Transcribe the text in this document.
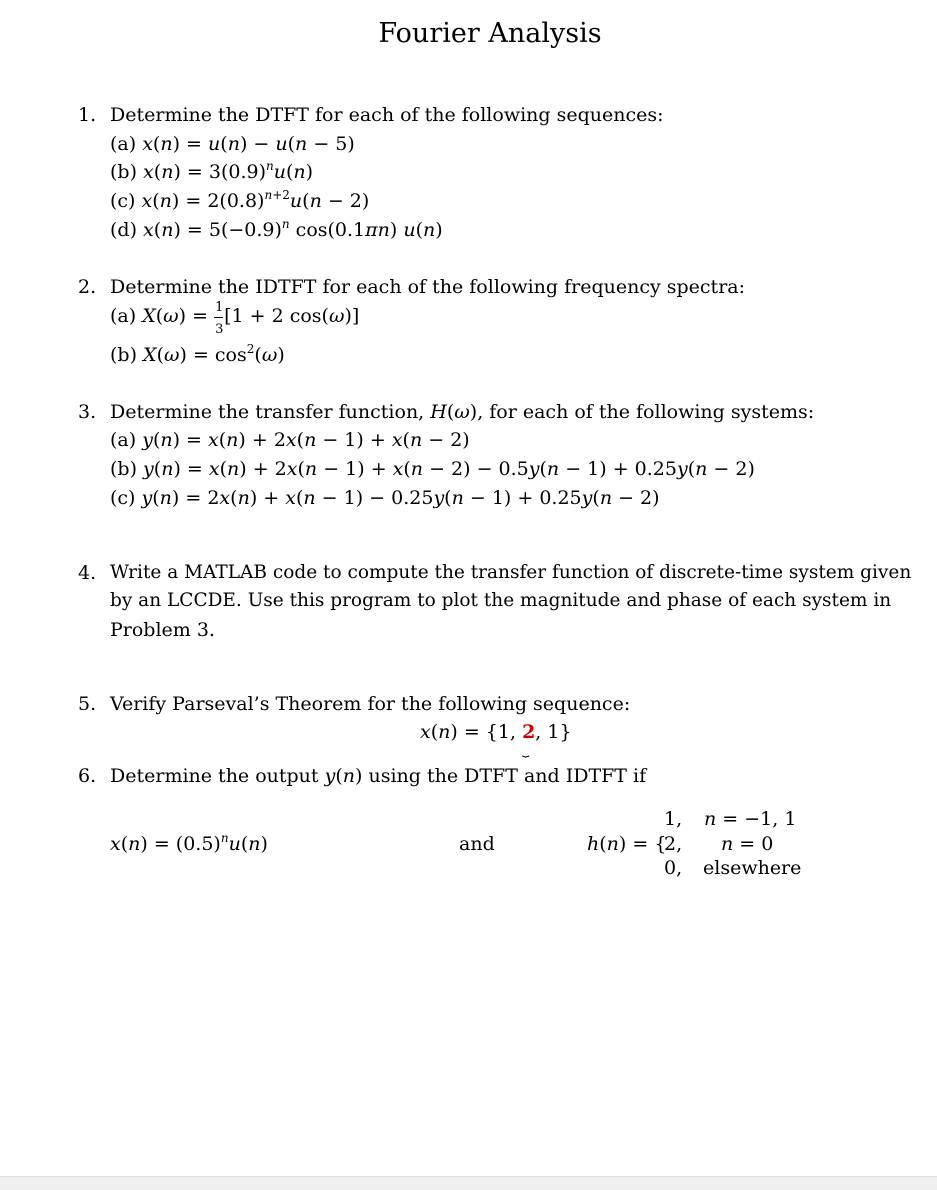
Fourier Analysis
1. Determine the DTFT for each of the following sequences:
(a) x(n) = u(n) − u(n − 5)
(b) $x(n) = 3(0.9)^nu(n)$
(c) $x(n) = 2(0.8)^{n+2}u(n - 2)$
(d) $x(n) = 5(-0.9)^n$ cos(0.1πn) u(n)
2. Determine the IDTFT for each of the following frequency spectra:
(a) $X(\omega) = \frac{1}{3} [1 + 2$ cos(ω)]
(b) $X(\omega) = \cos^2(\omega)$
3. Determine the transfer function, H(ω), for each of the following systems:
(a) y(n) = x(n) + 2x(n − 1) + x(n − 2)
(b) y(n) = x(n) + 2x(n − 1) + x(n − 2) − 0.5y(n − 1) + 0.25y(n − 2)
(c) y(n) = 2x(n) + x(n − 1) − 0.25y(n − 1) + 0.25y(n − 2)
4. Write a MATLAB code to compute the transfer function of discrete-time system given
by an LCCDE. Use this program to plot the magnitude and phase of each system in
Problem 3.
5. Verify Parseval’s Theorem for the following sequence:
x(n) = {1, 2
⏟
, 1}
6. Determine the output y(n) using the DTFT and IDTFT if
$x(n) = (0.5)^nu(n)$	and	h(n) = {
1, n = −1, 1
2, n = 0
0, elsewhere
